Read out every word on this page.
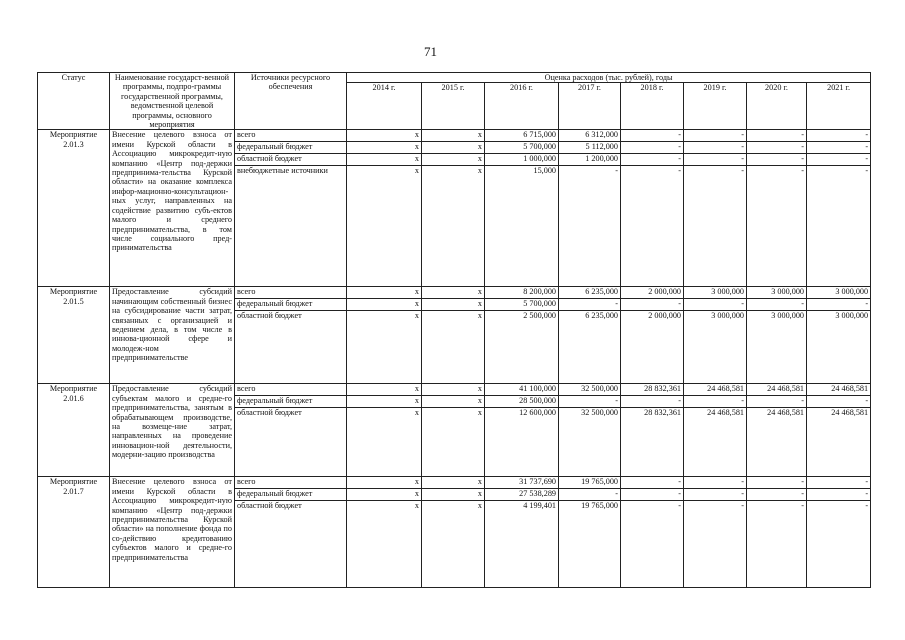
71
Статус	Наименование государст-венной программы, подпро-граммы государственной программы, ведомственной целевой программы, основного мероприятия	Источники ресурсного обеспечения	Оценка расходов (тыс. рублей), годы							
			2014 г.	2015 г.	2016 г.	2017 г.	2018 г.	2019 г.	2020 г.	2021 г.
Мероприятие 2.01.3	Внесение целевого взноса от имени Курской области в Ассоциацию микрокредит-ную компанию «Центр под-держки предпринима-тельства Курской области» на оказание комплекса инфор-мационно-консультацион-ных услуг, направленных на содействие развитию субъ-ектов малого и среднего предпринимательства, в том числе социального пред-принимательства	всего	х	х	6 715,000	6 312,000	-	-	-	-
		федеральный бюджет	х	х	5 700,000	5 112,000	-	-	-	-
		областной бюджет	х	х	1 000,000	1 200,000	-	-	-	-
		внебюджетные источники	х	х	15,000	-	-	-	-	-
Мероприятие 2.01.5	Предоставление субсидий начинающим собственный бизнес на субсидирование части затрат, связанных с организацией и ведением дела, в том числе в иннова-ционной сфере и молодеж-ном предпринимательстве	всего	х	х	8 200,000	6 235,000	2 000,000	3 000,000	3 000,000	3 000,000
		федеральный бюджет	х	х	5 700,000	-	-	-	-	-
		областной бюджет	х	х	2 500,000	6 235,000	2 000,000	3 000,000	3 000,000	3 000,000
Мероприятие 2.01.6	Предоставление субсидий субъектам малого и средне-го предпринимательства, занятым в обрабатывающем производстве, на возмеще-ние затрат, направленных на проведение инновацион-ной деятельности, модерни-зацию производства	всего	х	х	41 100,000	32 500,000	28 832,361	24 468,581	24 468,581	24 468,581
		федеральный бюджет	х	х	28 500,000	-	-	-	-	-
		областной бюджет	х	х	12 600,000	32 500,000	28 832,361	24 468,581	24 468,581	24 468,581
Мероприятие 2.01.7	Внесение целевого взноса от имени Курской области в Ассоциацию микрокредит-ную компанию «Центр под-держки предпринимательства Курской области» на пополнение фонда по со-действию кредитованию субъектов малого и средне-го предпринимательства	всего	х	х	31 737,690	19 765,000	-	-	-	-
		федеральный бюджет	х	х	27 538,289	-	-	-	-	-
		областной бюджет	х	х	4 199,401	19 765,000	-	-	-	-
